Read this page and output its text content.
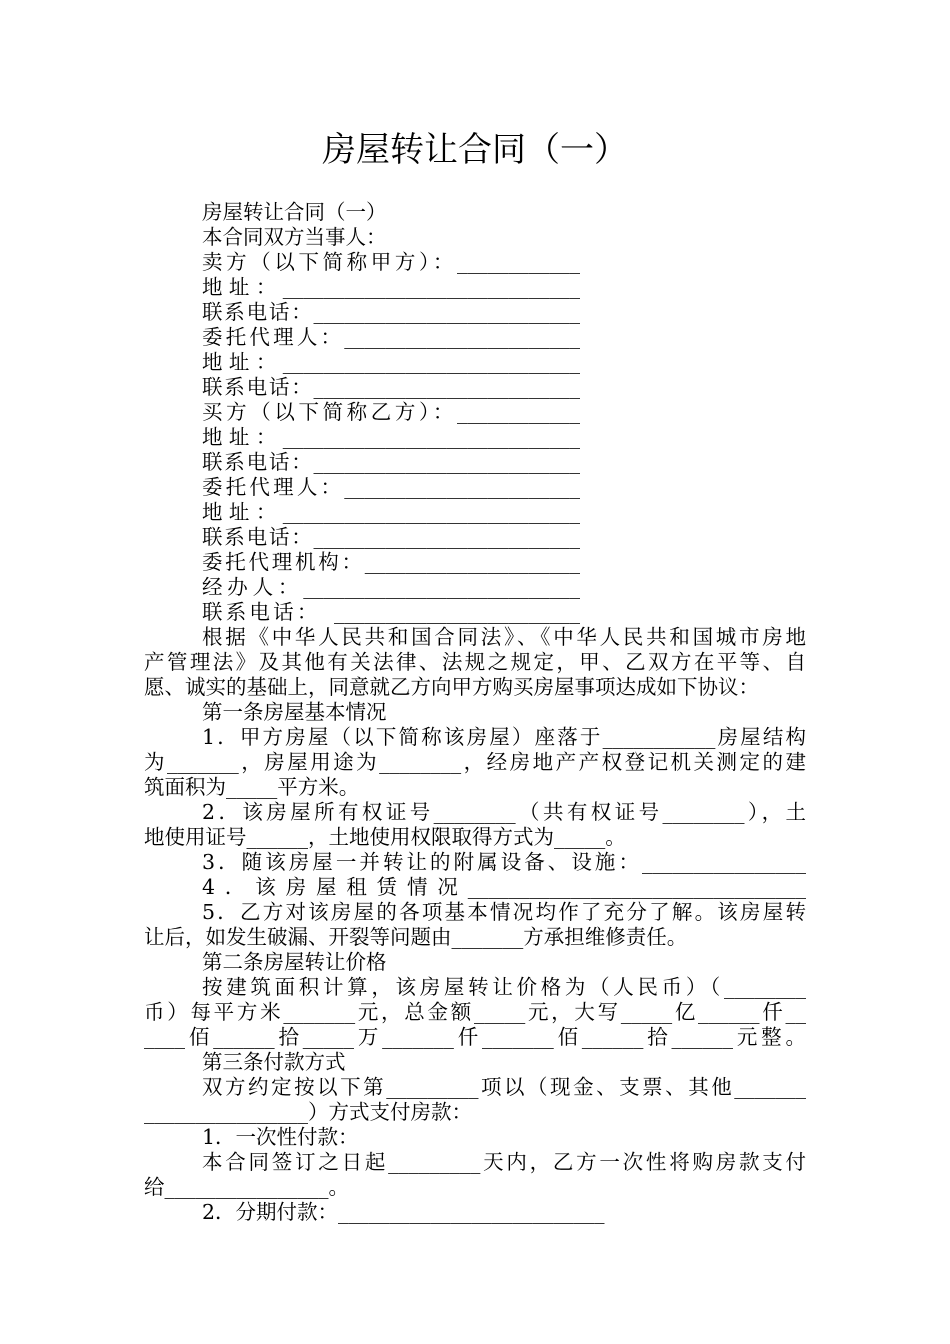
房屋转让合同（一）
房屋转让合同（一）
本合同双方当事人：
卖方（以下简称甲方）：____________
地址：_____________________________
联系电话：__________________________
委托代理人：_______________________
地址：_____________________________
联系电话：__________________________
买方（以下简称乙方）：____________
地址：_____________________________
联系电话：__________________________
委托代理人：_______________________
地址：_____________________________
联系电话：__________________________
委托代理机构：_____________________
经办人：___________________________
联系电话：　________________________
根据《中华人民共和国合同法》、《中华人民共和国城市房地
产管理法》及其他有关法律、法规之规定，甲、乙双方在平等、自
愿、诚实的基础上，同意就乙方向甲方购买房屋事项达成如下协议：
第一条房屋基本情况
1．甲方房屋（以下简称该房屋）座落于___________房屋结构
为_______，房屋用途为________，经房地产产权登记机关测定的建
筑面积为_____平方米。
2．该房屋所有权证号________（共有权证号________），土
地使用证号______，土地使用权限取得方式为_____。
3．随该房屋一并转让的附属设备、设施：________________
4．该房屋租赁情况_________________________________
5．乙方对该房屋的各项基本情况均作了充分了解。该房屋转
让后，如发生破漏、开裂等问题由_______方承担维修责任。
第二条房屋转让价格
按建筑面积计算，该房屋转让价格为（人民币）（________
币）每平方米_______元，总金额_____元，大写_____亿______仟__
____佰______拾_____万_______仟_______佰______拾______元整。
第三条付款方式
双方约定按以下第_________项以（现金、支票、其他_______
________________）方式支付房款：
1．一次性付款：
本合同签订之日起_________天内，乙方一次性将购房款支付
给________________。
2．分期付款：__________________________
